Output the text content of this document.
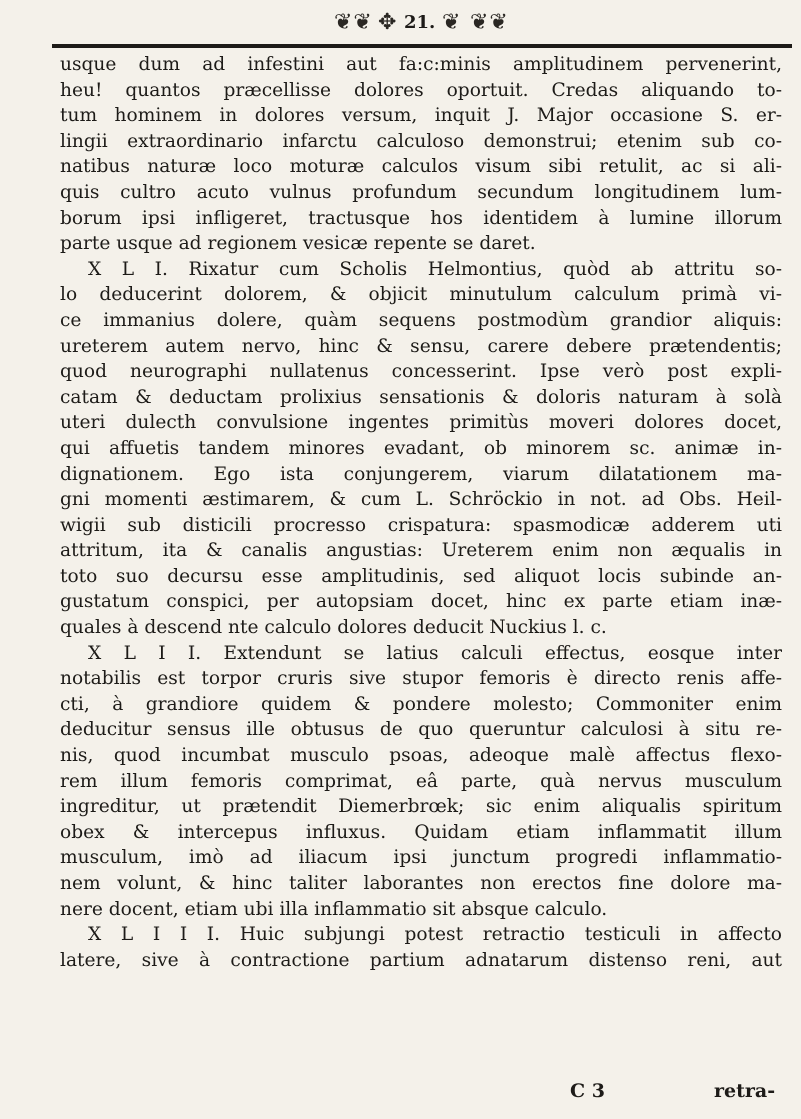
❦❦ ✥ 21. ❦ ❦❦
usque dum ad infestini aut fa:c:minis amplitudinem pervenerint,
heu! quantos præcellisse dolores oportuit. Credas aliquando to-
tum hominem in dolores versum, inquit J. Major occasione S. er-
lingii extraordinario infarctu calculoso demonstrui; etenim sub co-
natibus naturæ loco moturæ calculos visum sibi retulit, ac si ali-
quis cultro acuto vulnus profundum secundum longitudinem lum-
borum ipsi infligeret, tractusque hos identidem à lumine illorum
parte usque ad regionem vesicæ repente se daret.
X L I. Rixatur cum Scholis Helmontius, quòd ab attritu so-
lo deducerint dolorem, & objicit minutulum calculum primà vi-
ce immanius dolere, quàm sequens postmodùm grandior aliquis:
ureterem autem nervo, hinc & sensu, carere debere prætendentis;
quod neurographi nullatenus concesserint. Ipse verò post expli-
catam & deductam prolixius sensationis & doloris naturam à solà
uteri dulecth convulsione ingentes primitùs moveri dolores docet,
qui affuetis tandem minores evadant, ob minorem sc. animæ in-
dignationem. Ego ista conjungerem, viarum dilatationem ma-
gni momenti æstimarem, & cum L. Schröckio in not. ad Obs. Heil-
wigii sub disticili procresso crispatura: spasmodicæ adderem uti
attritum, ita & canalis angustias: Ureterem enim non æqualis in
toto suo decursu esse amplitudinis, sed aliquot locis subinde an-
gustatum conspici, per autopsiam docet, hinc ex parte etiam inæ-
quales à descend nte calculo dolores deducit Nuckius l. c.
X L I I. Extendunt se latius calculi effectus, eosque inter
notabilis est torpor cruris sive stupor femoris è directo renis affe-
cti, à grandiore quidem & pondere molesto; Commoniter enim
deducitur sensus ille obtusus de quo queruntur calculosi à situ re-
nis, quod incumbat musculo psoas, adeoque malè affectus flexo-
rem illum femoris comprimat, eâ parte, quà nervus musculum
ingreditur, ut prætendit Diemerbrœk; sic enim aliqualis spiritum
obex & intercepus influxus. Quidam etiam inflammatit illum
musculum, imò ad iliacum ipsi junctum progredi inflammatio-
nem volunt, & hinc taliter laborantes non erectos fine dolore ma-
nere docent, etiam ubi illa inflammatio sit absque calculo.
X L I I I. Huic subjungi potest retractio testiculi in affecto
latere, sive à contractione partium adnatarum distenso reni, aut
C 3	retra-
